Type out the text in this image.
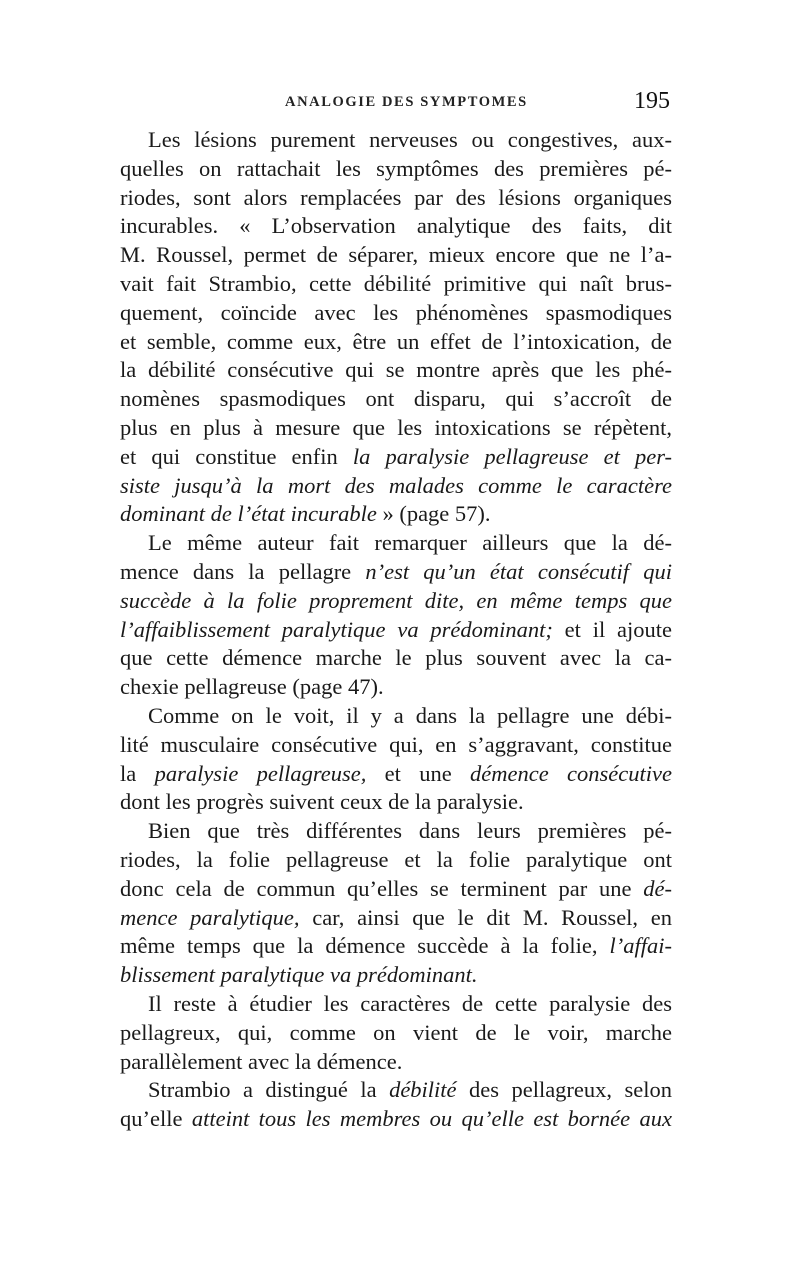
ANALOGIE DES SYMPTOMES	195
Les lésions purement nerveuses ou congestives, aux-
quelles on rattachait les symptômes des premières pé-
riodes, sont alors remplacées par des lésions organiques
incurables. « L’observation analytique des faits, dit
M. Roussel, permet de séparer, mieux encore que ne l’a-
vait fait Strambio, cette débilité primitive qui naît brus-
quement, coïncide avec les phénomènes spasmodiques
et semble, comme eux, être un effet de l’intoxication, de
la débilité consécutive qui se montre après que les phé-
nomènes spasmodiques ont disparu, qui s’accroît de
plus en plus à mesure que les intoxications se répètent,
et qui constitue enfin la paralysie pellagreuse et per-
siste jusqu’à la mort des malades comme le caractère
dominant de l’état incurable » (page 57).
Le même auteur fait remarquer ailleurs que la dé-
mence dans la pellagre n’est qu’un état consécutif qui
succède à la folie proprement dite, en même temps que
l’affaiblissement paralytique va prédominant; et il ajoute
que cette démence marche le plus souvent avec la ca-
chexie pellagreuse (page 47).
Comme on le voit, il y a dans la pellagre une débi-
lité musculaire consécutive qui, en s’aggravant, constitue
la paralysie pellagreuse, et une démence consécutive
dont les progrès suivent ceux de la paralysie.
Bien que très différentes dans leurs premières pé-
riodes, la folie pellagreuse et la folie paralytique ont
donc cela de commun qu’elles se terminent par une dé-
mence paralytique, car, ainsi que le dit M. Roussel, en
même temps que la démence succède à la folie, l’affai-
blissement paralytique va prédominant.
Il reste à étudier les caractères de cette paralysie des
pellagreux, qui, comme on vient de le voir, marche
parallèlement avec la démence.
Strambio a distingué la débilité des pellagreux, selon
qu’elle atteint tous les membres ou qu’elle est bornée aux
